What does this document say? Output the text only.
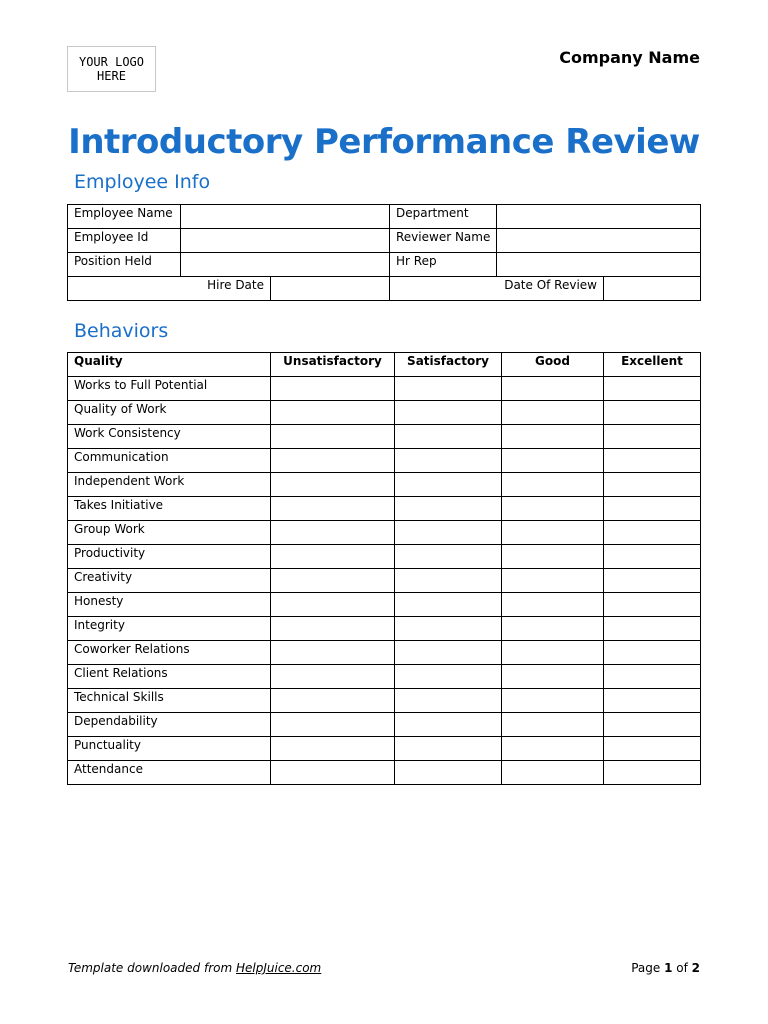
YOUR LOGO
HERE
Company Name
Introductory Performance Review
Employee Info
Employee Name			Department		
Employee Id			Reviewer Name		
Position Held			Hr Rep		
Hire Date			Date Of Review		
Behaviors
Quality	Unsatisfactory	Satisfactory	Good	Excellent
Works to Full Potential				
Quality of Work				
Work Consistency				
Communication				
Independent Work				
Takes Initiative				
Group Work				
Productivity				
Creativity				
Honesty				
Integrity				
Coworker Relations				
Client Relations				
Technical Skills				
Dependability				
Punctuality				
Attendance				
Template downloaded from HelpJuice.com	Page 1 of 2
